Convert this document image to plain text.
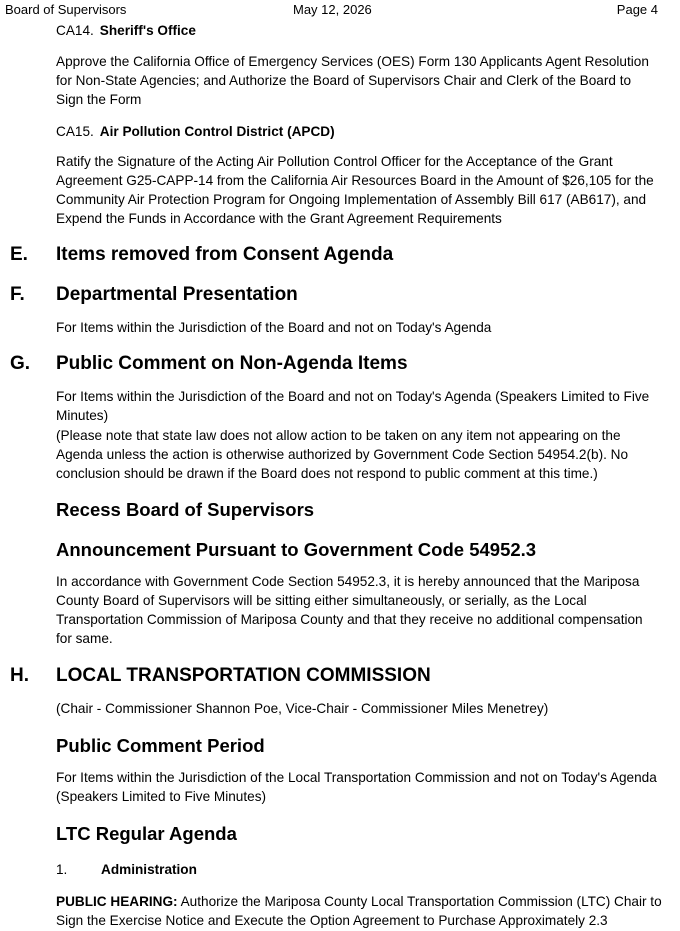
Board of Supervisors	May 12, 2026	Page 4
CA14. Sheriff's Office
Approve the California Office of Emergency Services (OES) Form 130 Applicants Agent Resolution for Non-State Agencies; and Authorize the Board of Supervisors Chair and Clerk of the Board to Sign the Form
CA15. Air Pollution Control District (APCD)
Ratify the Signature of the Acting Air Pollution Control Officer for the Acceptance of the Grant Agreement G25-CAPP-14 from the California Air Resources Board in the Amount of $26,105 for the Community Air Protection Program for Ongoing Implementation of Assembly Bill 617 (AB617), and Expend the Funds in Accordance with the Grant Agreement Requirements
E. Items removed from Consent Agenda
F. Departmental Presentation
For Items within the Jurisdiction of the Board and not on Today's Agenda
G. Public Comment on Non-Agenda Items
For Items within the Jurisdiction of the Board and not on Today's Agenda (Speakers Limited to Five Minutes)
(Please note that state law does not allow action to be taken on any item not appearing on the Agenda unless the action is otherwise authorized by Government Code Section 54954.2(b). No conclusion should be drawn if the Board does not respond to public comment at this time.)
Recess Board of Supervisors
Announcement Pursuant to Government Code 54952.3
In accordance with Government Code Section 54952.3, it is hereby announced that the Mariposa County Board of Supervisors will be sitting either simultaneously, or serially, as the Local Transportation Commission of Mariposa County and that they receive no additional compensation for same.
H. LOCAL TRANSPORTATION COMMISSION
(Chair - Commissioner Shannon Poe, Vice-Chair - Commissioner Miles Menetrey)
Public Comment Period
For Items within the Jurisdiction of the Local Transportation Commission and not on Today's Agenda (Speakers Limited to Five Minutes)
LTC Regular Agenda
1. Administration
PUBLIC HEARING: Authorize the Mariposa County Local Transportation Commission (LTC) Chair to Sign the Exercise Notice and Execute the Option Agreement to Purchase Approximately 2.3
